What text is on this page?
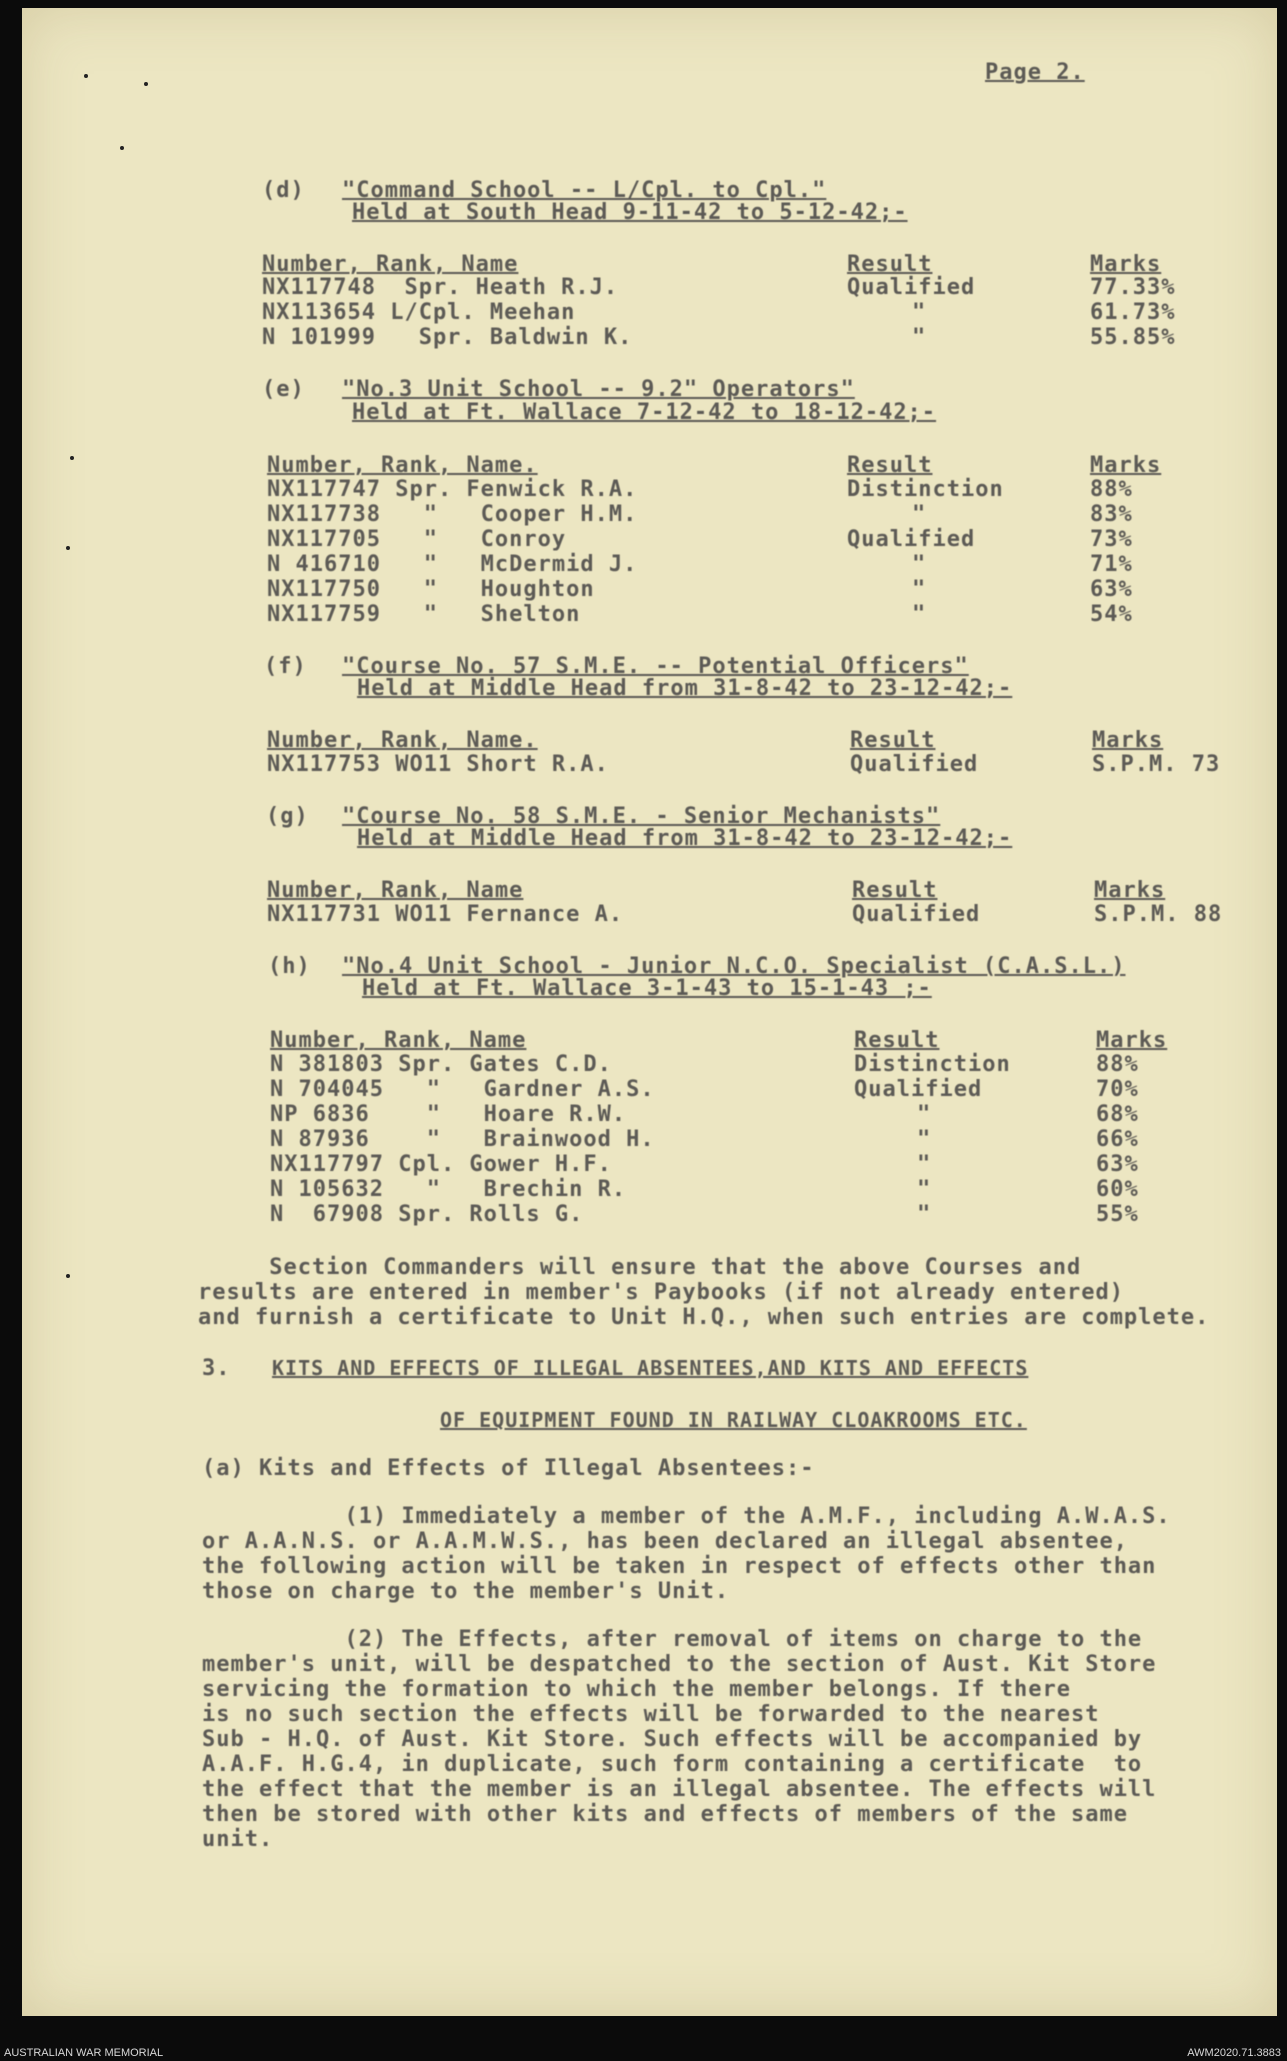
Page 2.
(d) "Command School -- L/Cpl. to Cpl."
Held at South Head 9-11-42 to 5-12-42;-
Number, Rank, Name	Result	Marks
NX117748  Spr. Heath R.J.	Qualified	77.33%
NX113654 L/Cpl. Meehan	"	61.73%
N 101999   Spr. Baldwin K.	"	55.85%
(e) "No.3 Unit School -- 9.2" Operators"
Held at Ft. Wallace 7-12-42 to 18-12-42;-
Number, Rank, Name.	Result	Marks
NX117747 Spr. Fenwick R.A.	Distinction	88%
NX117738   "   Cooper H.M.	"	83%
NX117705   "   Conroy	Qualified	73%
N 416710   "   McDermid J.	"	71%
NX117750   "   Houghton	"	63%
NX117759   "   Shelton	"	54%
(f) "Course No. 57 S.M.E. -- Potential Officers"
Held at Middle Head from 31-8-42 to 23-12-42;-
Number, Rank, Name.	Result	Marks
NX117753 WO11 Short R.A.	Qualified	S.P.M. 73
(g) "Course No. 58 S.M.E. - Senior Mechanists"
Held at Middle Head from 31-8-42 to 23-12-42;-
Number, Rank, Name	Result	Marks
NX117731 WO11 Fernance A.	Qualified	S.P.M. 88
(h) "No.4 Unit School - Junior N.C.O. Specialist (C.A.S.L.)
Held at Ft. Wallace 3-1-43 to 15-1-43 ;-
Number, Rank, Name	Result	Marks
N 381803 Spr. Gates C.D.	Distinction	88%
N 704045   "   Gardner A.S.	Qualified	70%
NP 6836    "   Hoare R.W.	"	68%
N 87936    "   Brainwood H.	"	66%
NX117797 Cpl. Gower H.F.	"	63%
N 105632   "   Brechin R.	"	60%
N  67908 Spr. Rolls G.	"	55%
Section Commanders will ensure that the above Courses and
results are entered in member's Paybooks (if not already entered)
and furnish a certificate to Unit H.Q., when such entries are complete.
3. KITS AND EFFECTS OF ILLEGAL ABSENTEES,AND KITS AND EFFECTS
OF EQUIPMENT FOUND IN RAILWAY CLOAKROOMS ETC.
(a) Kits and Effects of Illegal Absentees:-
(1) Immediately a member of the A.M.F., including A.W.A.S.
or A.A.N.S. or A.A.M.W.S., has been declared an illegal absentee,
the following action will be taken in respect of effects other than
those on charge to the member's Unit.
(2) The Effects, after removal of items on charge to the
member's unit, will be despatched to the section of Aust. Kit Store
servicing the formation to which the member belongs. If there
is no such section the effects will be forwarded to the nearest
Sub - H.Q. of Aust. Kit Store. Such effects will be accompanied by
A.A.F. H.G.4, in duplicate, such form containing a certificate  to
the effect that the member is an illegal absentee. The effects will
then be stored with other kits and effects of members of the same
unit.
AUSTRALIAN WAR MEMORIAL	AWM2020.71.3883
